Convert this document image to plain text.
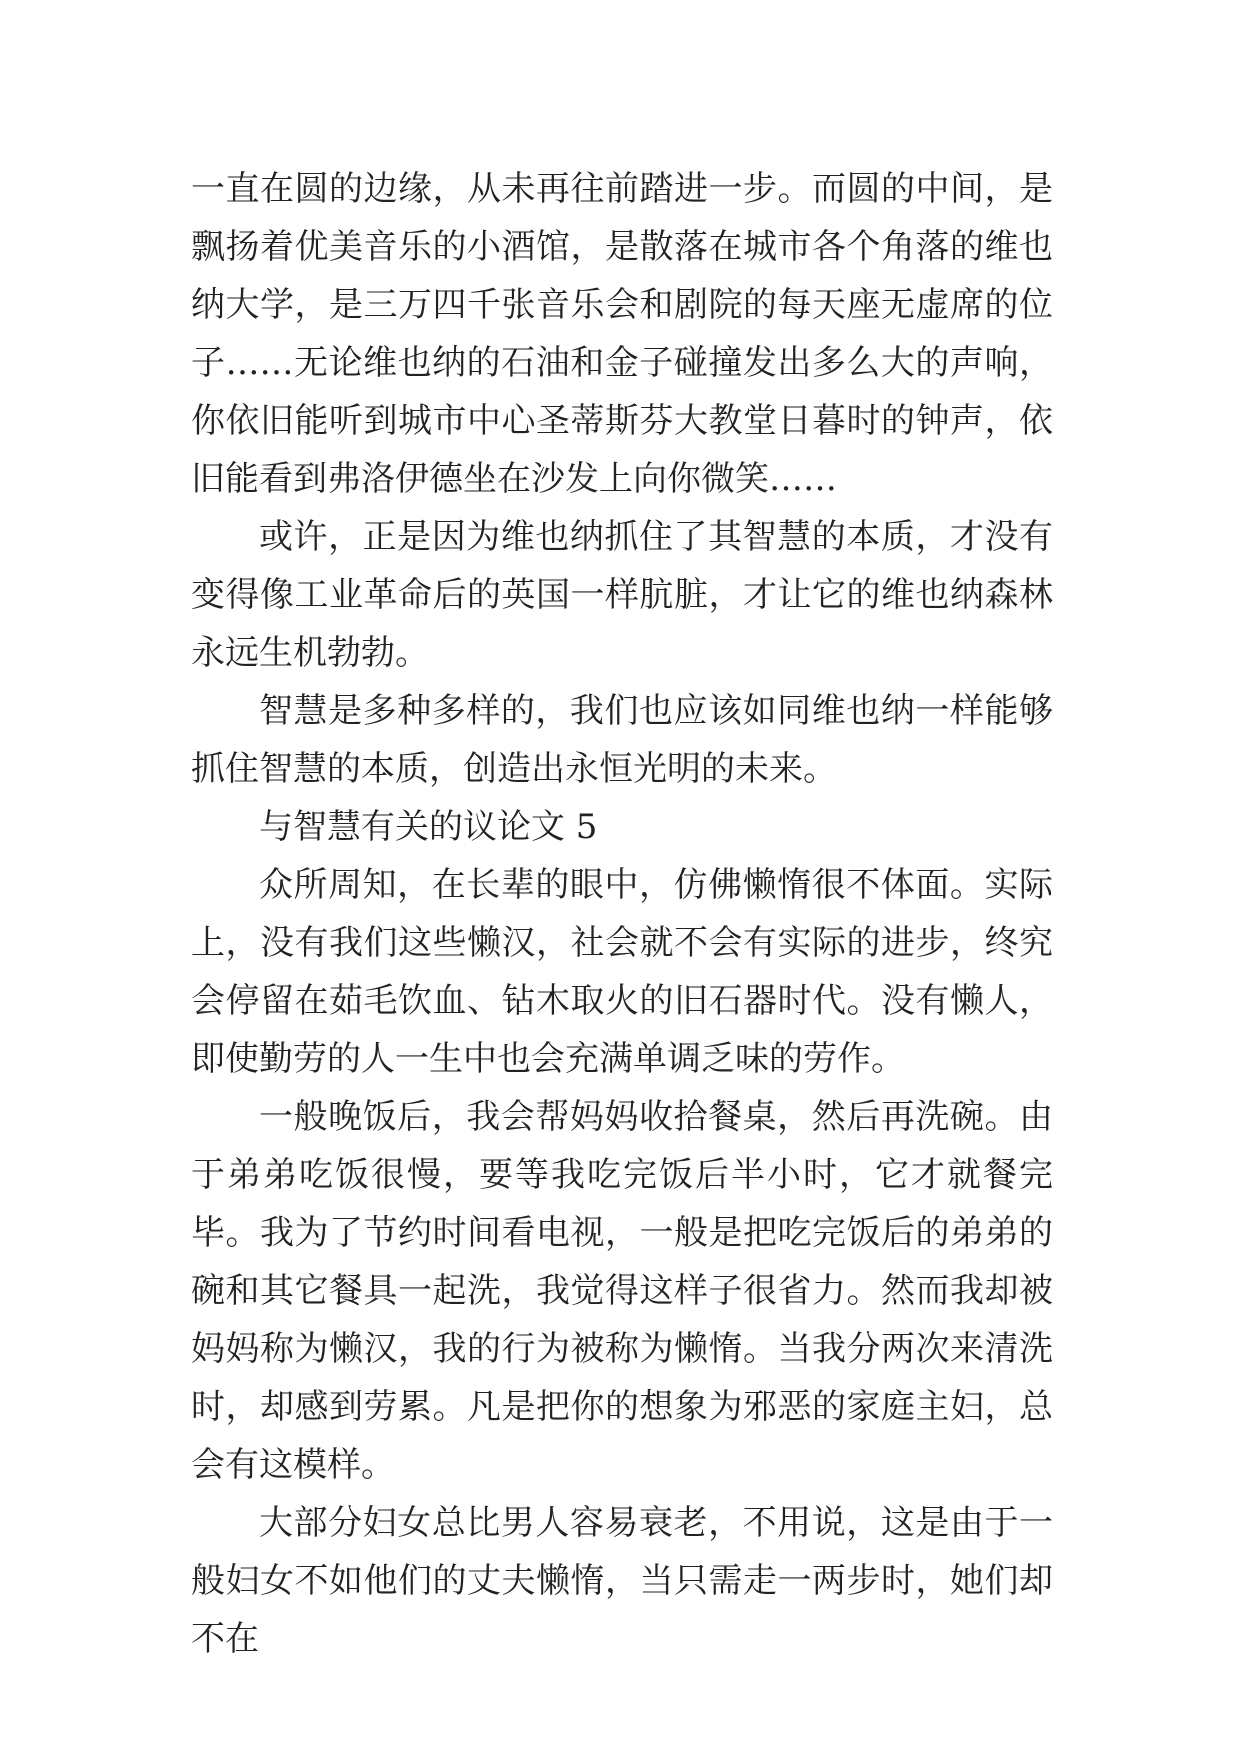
一直在圆的边缘，从未再往前踏进一步。而圆的中间，是飘扬着优美音乐的小酒馆，是散落在城市各个角落的维也纳大学，是三万四千张音乐会和剧院的每天座无虚席的位子……无论维也纳的石油和金子碰撞发出多么大的声响，你依旧能听到城市中心圣蒂斯芬大教堂日暮时的钟声，依旧能看到弗洛伊德坐在沙发上向你微笑……

或许，正是因为维也纳抓住了其智慧的本质，才没有变得像工业革命后的英国一样肮脏，才让它的维也纳森林永远生机勃勃。

智慧是多种多样的，我们也应该如同维也纳一样能够抓住智慧的本质，创造出永恒光明的未来。

与智慧有关的议论文 5

众所周知，在长辈的眼中，仿佛懒惰很不体面。实际上，没有我们这些懒汉，社会就不会有实际的进步，终究会停留在茹毛饮血、钻木取火的旧石器时代。没有懒人，即使勤劳的人一生中也会充满单调乏味的劳作。

一般晚饭后，我会帮妈妈收拾餐桌，然后再洗碗。由于弟弟吃饭很慢，要等我吃完饭后半小时，它才就餐完毕。我为了节约时间看电视，一般是把吃完饭后的弟弟的碗和其它餐具一起洗，我觉得这样子很省力。然而我却被妈妈称为懒汉，我的行为被称为懒惰。当我分两次来清洗时，却感到劳累。凡是把你的想象为邪恶的家庭主妇，总会有这模样。

大部分妇女总比男人容易衰老，不用说，这是由于一般妇女不如他们的丈夫懒惰，当只需走一两步时，她们却不在
